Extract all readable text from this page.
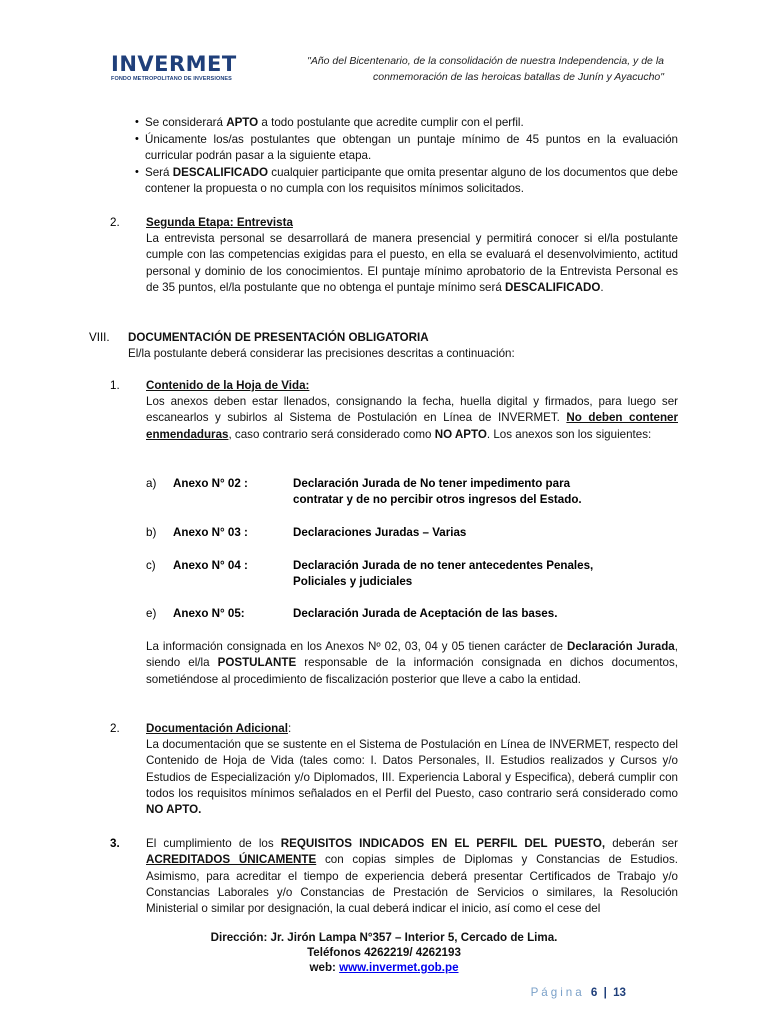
INVERMET
FONDO METROPOLITANO DE INVERSIONES
"Año del Bicentenario, de la consolidación de nuestra Independencia, y de la
conmemoración de las heroicas batallas de Junín y Ayacucho"
• Se considerará APTO a todo postulante que acredite cumplir con el perfil.
• Únicamente los/as postulantes que obtengan un puntaje mínimo de 45 puntos en la evaluación curricular podrán pasar a la siguiente etapa.
• Será DESCALIFICADO cualquier participante que omita presentar alguno de los documentos que debe contener la propuesta o no cumpla con los requisitos mínimos solicitados.
2. Segunda Etapa: Entrevista
La entrevista personal se desarrollará de manera presencial y permitirá conocer si el/la postulante cumple con las competencias exigidas para el puesto, en ella se evaluará el desenvolvimiento, actitud personal y dominio de los conocimientos. El puntaje mínimo aprobatorio de la Entrevista Personal es de 35 puntos, el/la postulante que no obtenga el puntaje mínimo será DESCALIFICADO.
VIII. DOCUMENTACIÓN DE PRESENTACIÓN OBLIGATORIA
El/la postulante deberá considerar las precisiones descritas a continuación:
1. Contenido de la Hoja de Vida:
Los anexos deben estar llenados, consignando la fecha, huella digital y firmados, para luego ser escanearlos y subirlos al Sistema de Postulación en Línea de INVERMET. No deben contener enmendaduras, caso contrario será considerado como NO APTO. Los anexos son los siguientes:
a) Anexo N° 02 :	Declaración Jurada de No tener impedimento para contratar y de no percibir otros ingresos del Estado.
b) Anexo N° 03 :	Declaraciones Juradas – Varias
c) Anexo N° 04 :	Declaración Jurada de no tener antecedentes Penales, Policiales y judiciales
e) Anexo N° 05:	Declaración Jurada de Aceptación de las bases.
La información consignada en los Anexos Nº 02, 03, 04 y 05 tienen carácter de Declaración Jurada, siendo el/la POSTULANTE responsable de la información consignada en dichos documentos, sometiéndose al procedimiento de fiscalización posterior que lleve a cabo la entidad.
2. Documentación Adicional:
La documentación que se sustente en el Sistema de Postulación en Línea de INVERMET, respecto del Contenido de Hoja de Vida (tales como: I. Datos Personales, II. Estudios realizados y Cursos y/o Estudios de Especialización y/o Diplomados, III. Experiencia Laboral y Especifica), deberá cumplir con todos los requisitos mínimos señalados en el Perfil del Puesto, caso contrario será considerado como NO APTO.
3. El cumplimiento de los REQUISITOS INDICADOS EN EL PERFIL DEL PUESTO, deberán ser ACREDITADOS ÚNICAMENTE con copias simples de Diplomas y Constancias de Estudios. Asimismo, para acreditar el tiempo de experiencia deberá presentar Certificados de Trabajo y/o Constancias Laborales y/o Constancias de Prestación de Servicios o similares, la Resolución Ministerial o similar por designación, la cual deberá indicar el inicio, así como el cese del
Dirección: Jr. Jirón Lampa N°357 – Interior 5, Cercado de Lima.
Teléfonos 4262219/ 4262193
web: www.invermet.gob.pe
Página 6 | 13
